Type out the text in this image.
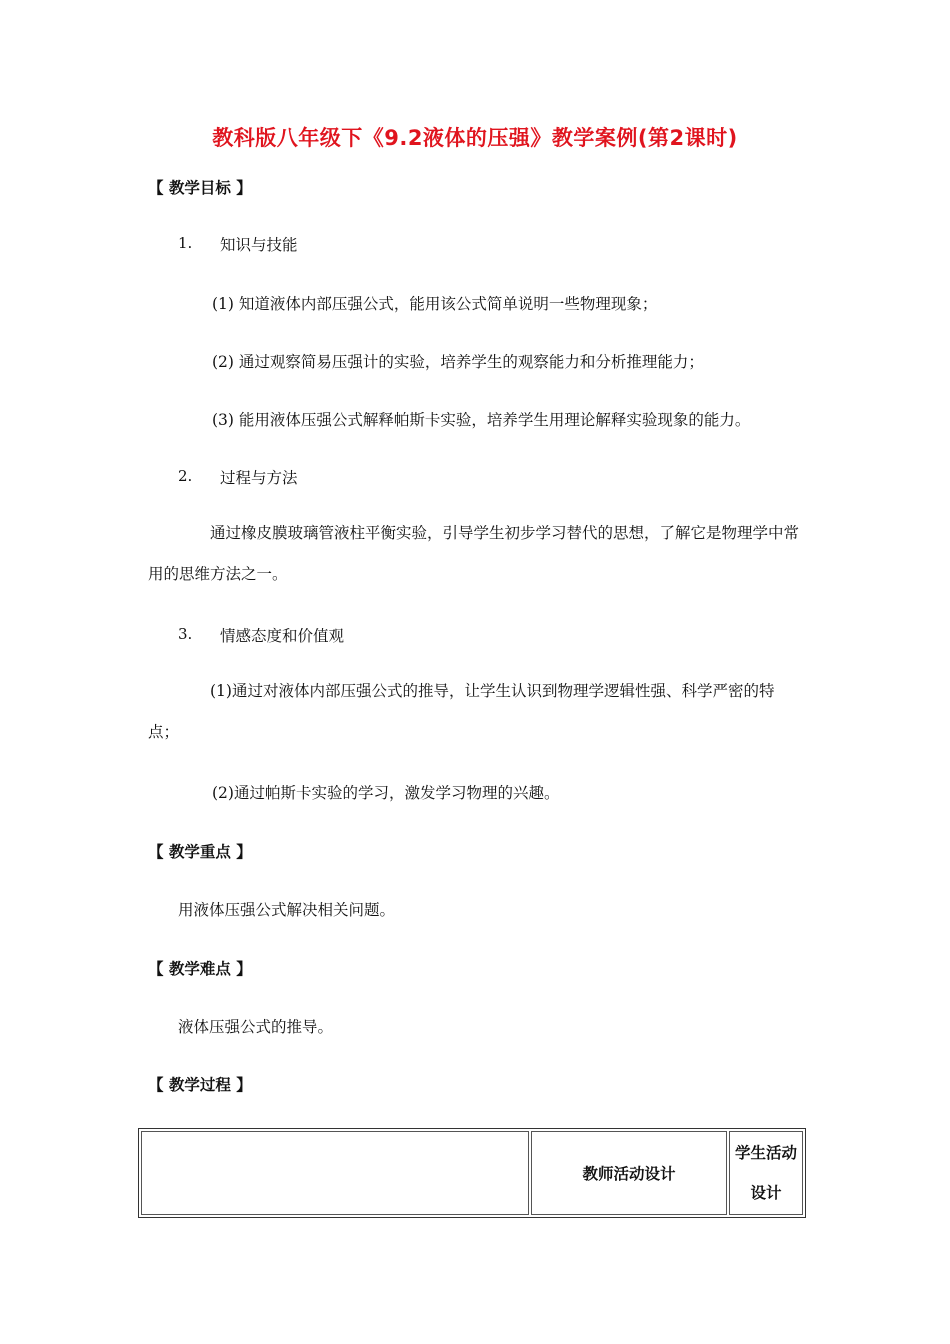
教科版八年级下《9.2液体的压强》教学案例(第2课时)
【 教学目标 】
1. 知识与技能
(1) 知道液体内部压强公式，能用该公式简单说明一些物理现象；
(2) 通过观察简易压强计的实验，培养学生的观察能力和分析推理能力；
(3) 能用液体压强公式解释帕斯卡实验，培养学生用理论解释实验现象的能力。
2. 过程与方法
通过橡皮膜玻璃管液柱平衡实验，引导学生初步学习替代的思想，了解它是物理学中常用的思维方法之一。
3. 情感态度和价值观
(1)通过对液体内部压强公式的推导，让学生认识到物理学逻辑性强、科学严密的特点；
(2)通过帕斯卡实验的学习，激发学习物理的兴趣。
【 教学重点 】
用液体压强公式解决相关问题。
【 教学难点 】
液体压强公式的推导。
【 教学过程 】
	教师活动设计	学生活动设计
